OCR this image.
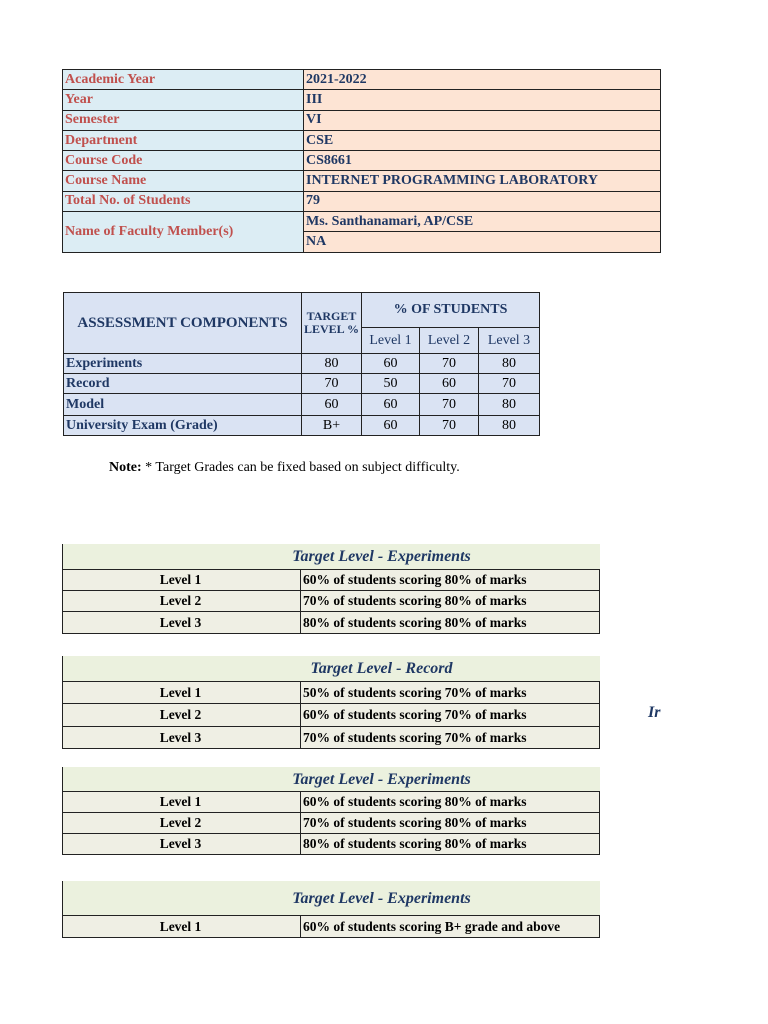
Academic Year	2021-2022
Year	III
Semester	VI
Department	CSE
Course Code	CS8661
Course Name	INTERNET PROGRAMMING LABORATORY
Total No. of Students	79
Name of Faculty Member(s)	Ms. Santhanamari, AP/CSE
	NA
ASSESSMENT COMPONENTS	TARGET LEVEL %	% OF STUDENTS		
		Level 1	Level 2	Level 3
Experiments	80	60	70	80
Record	70	50	60	70
Model	60	60	70	80
University Exam (Grade)	B+	60	70	80
Note: * Target Grades can be fixed based on subject difficulty.
Target Level - Experiments
Level 1	60% of students scoring 80% of marks
Level 2	70% of students scoring 80% of marks
Level 3	80% of students scoring 80% of marks
Target Level - Record
Level 1	50% of students scoring 70% of marks
Level 2	60% of students scoring 70% of marks
Level 3	70% of students scoring 70% of marks
Target Level - Experiments
Level 1	60% of students scoring 80% of marks
Level 2	70% of students scoring 80% of marks
Level 3	80% of students scoring 80% of marks
Target Level - Experiments
Level 1	60% of students scoring B+ grade and above
Ir
